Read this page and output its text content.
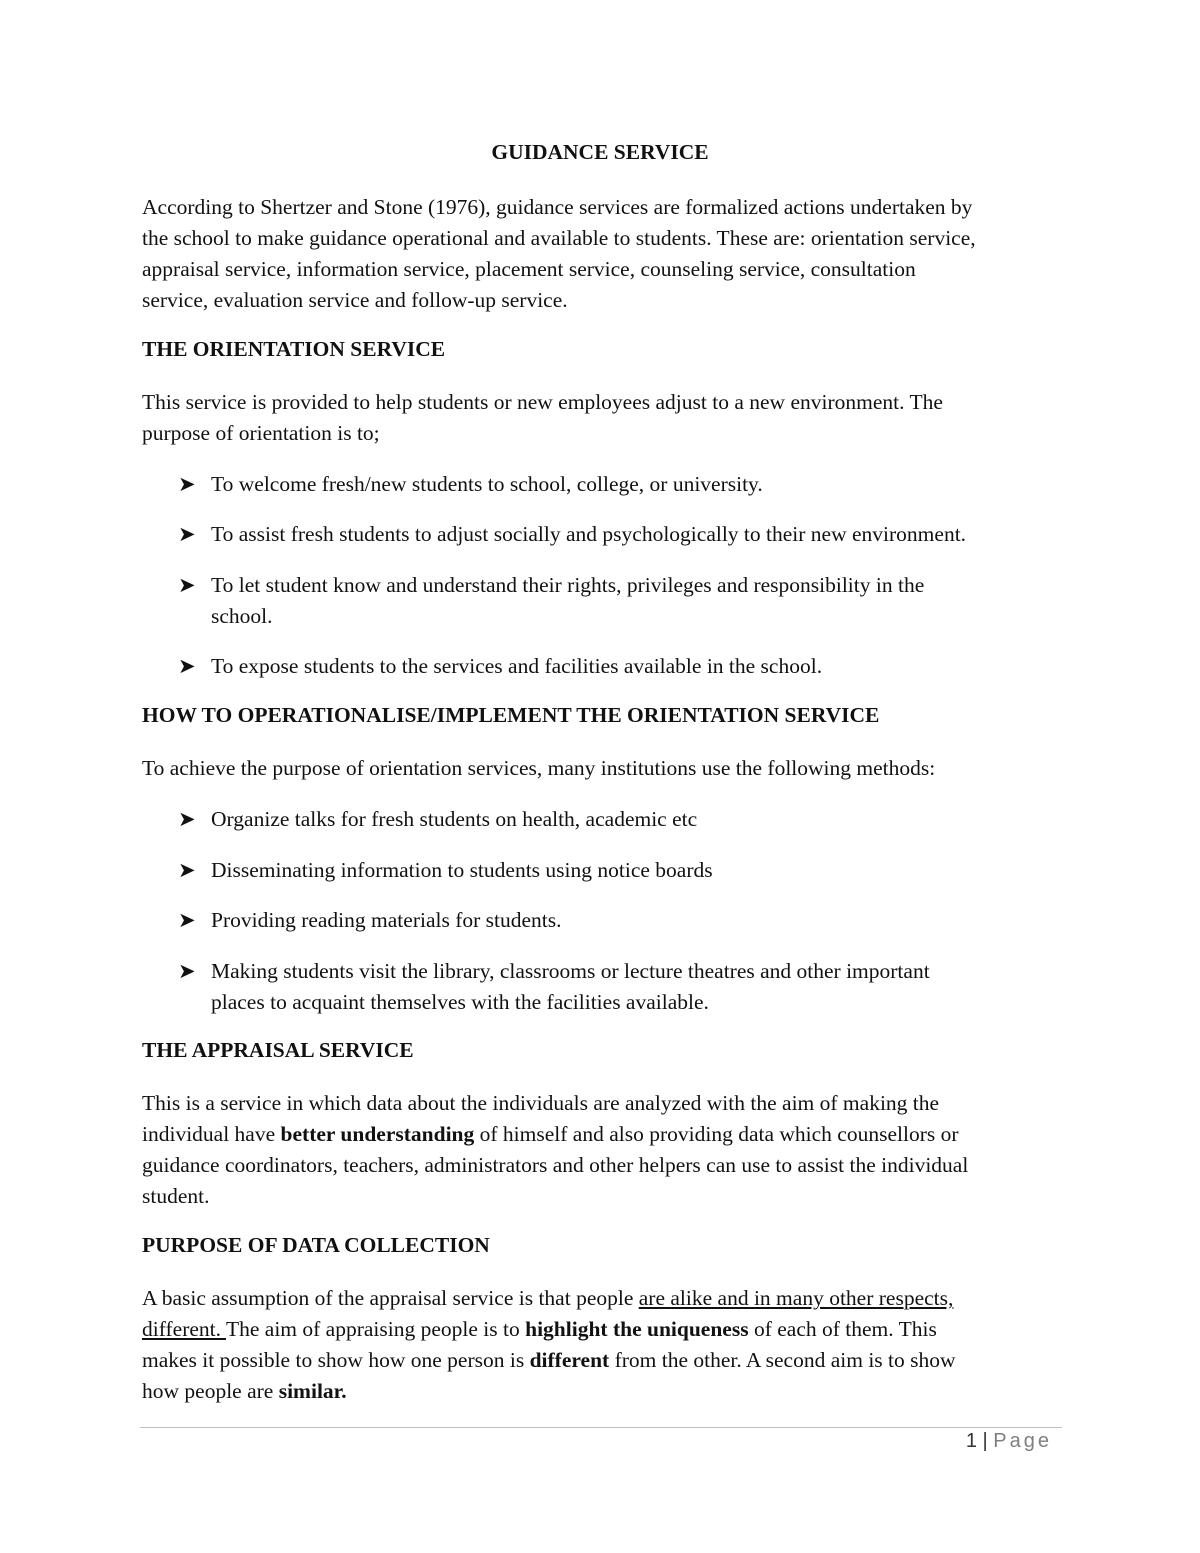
GUIDANCE SERVICE

According to Shertzer and Stone (1976), guidance services are formalized actions undertaken by

the school to make guidance operational and available to students. These are: orientation service,

appraisal service, information service, placement service, counseling service, consultation

service, evaluation service and follow-up service.

THE ORIENTATION SERVICE

This service is provided to help students or new employees adjust to a new environment. The

purpose of orientation is to;

➤ To welcome fresh/new students to school, college, or university.
➤ To assist fresh students to adjust socially and psychologically to their new environment.
➤ To let student know and understand their rights, privileges and responsibility in the
school.
➤ To expose students to the services and facilities available in the school.

HOW TO OPERATIONALISE/IMPLEMENT THE ORIENTATION SERVICE

To achieve the purpose of orientation services, many institutions use the following methods:

➤ Organize talks for fresh students on health, academic etc
➤ Disseminating information to students using notice boards
➤ Providing reading materials for students.
➤ Making students visit the library, classrooms or lecture theatres and other important
places to acquaint themselves with the facilities available.

THE APPRAISAL SERVICE

This is a service in which data about the individuals are analyzed with the aim of making the

individual have better understanding of himself and also providing data which counsellors or

guidance coordinators, teachers, administrators and other helpers can use to assist the individual

student.

PURPOSE OF DATA COLLECTION

A basic assumption of the appraisal service is that people are alike and in many other respects,

different. The aim of appraising people is to highlight the uniqueness of each of them. This

makes it possible to show how one person is different from the other. A second aim is to show

how people are similar.

1 | Page
